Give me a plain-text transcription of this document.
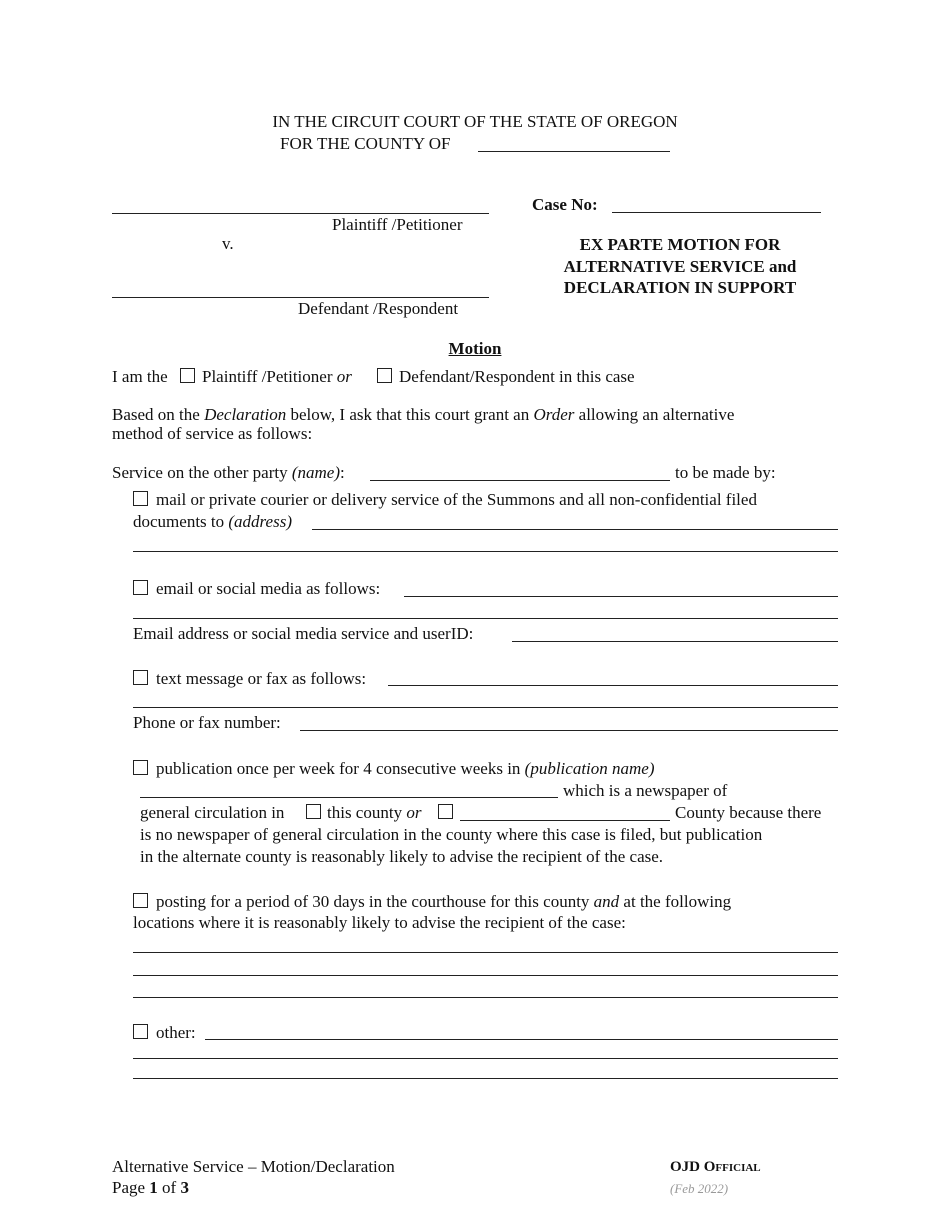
IN THE CIRCUIT COURT OF THE STATE OF OREGON
FOR THE COUNTY OF
Plaintiff /Petitioner
v.
Defendant /Respondent
Case No:
EX PARTE MOTION FOR
ALTERNATIVE SERVICE and
DECLARATION IN SUPPORT
Motion
I am the Plaintiff /Petitioner or	Defendant/Respondent in this case
Based on the Declaration below, I ask that this court grant an Order allowing an alternative
method of service as follows:
Service on the other party (name):	to be made by:
mail or private courier or delivery service of the Summons and all non-confidential filed
documents to (address)
email or social media as follows:
Email address or social media service and userID:
text message or fax as follows:
Phone or fax number:
publication once per week for 4 consecutive weeks in (publication name)
which is a newspaper of
general circulation in	this county or	County because there
is no newspaper of general circulation in the county where this case is filed, but publication
in the alternate county is reasonably likely to advise the recipient of the case.
posting for a period of 30 days in the courthouse for this county and at the following
locations where it is reasonably likely to advise the recipient of the case:
other:
Alternative Service – Motion/Declaration
Page 1 of 3
OJD Official
(Feb 2022)
